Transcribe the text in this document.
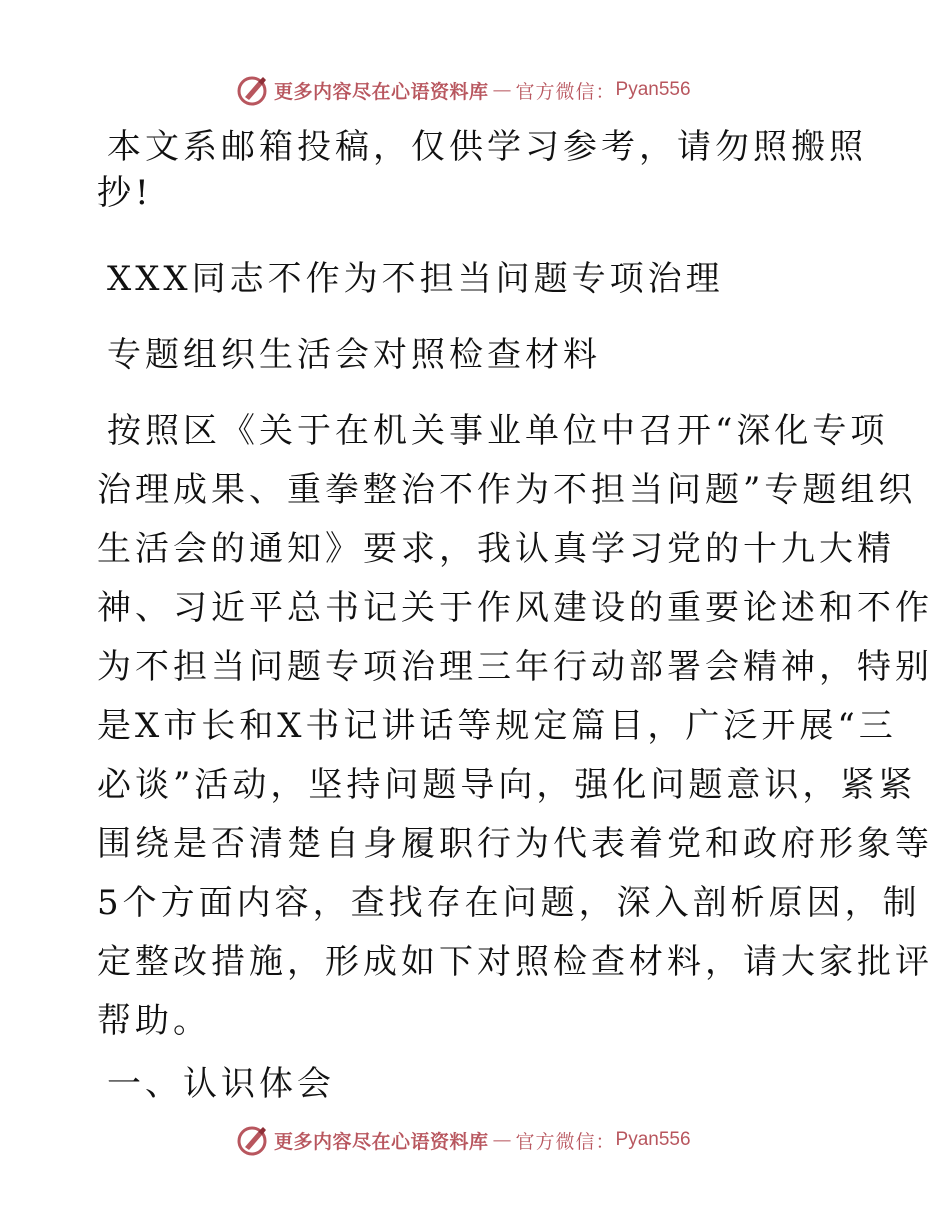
更多内容尽在心语资料库 — 官方微信： Pyan556
本文系邮箱投稿，仅供学习参考，请勿照搬照
抄!
XXX同志不作为不担当问题专项治理
专题组织生活会对照检查材料
按照区《关于在机关事业单位中召开“深化专项
治理成果、重拳整治不作为不担当问题”专题组织
生活会的通知》要求，我认真学习党的十九大精
神、习近平总书记关于作风建设的重要论述和不作
为不担当问题专项治理三年行动部署会精神，特别
是X市长和X书记讲话等规定篇目，广泛开展“三
必谈”活动，坚持问题导向，强化问题意识，紧紧
围绕是否清楚自身履职行为代表着党和政府形象等
5个方面内容，查找存在问题，深入剖析原因，制
定整改措施，形成如下对照检查材料，请大家批评
帮助。
一、认识体会
更多内容尽在心语资料库 — 官方微信： Pyan556
